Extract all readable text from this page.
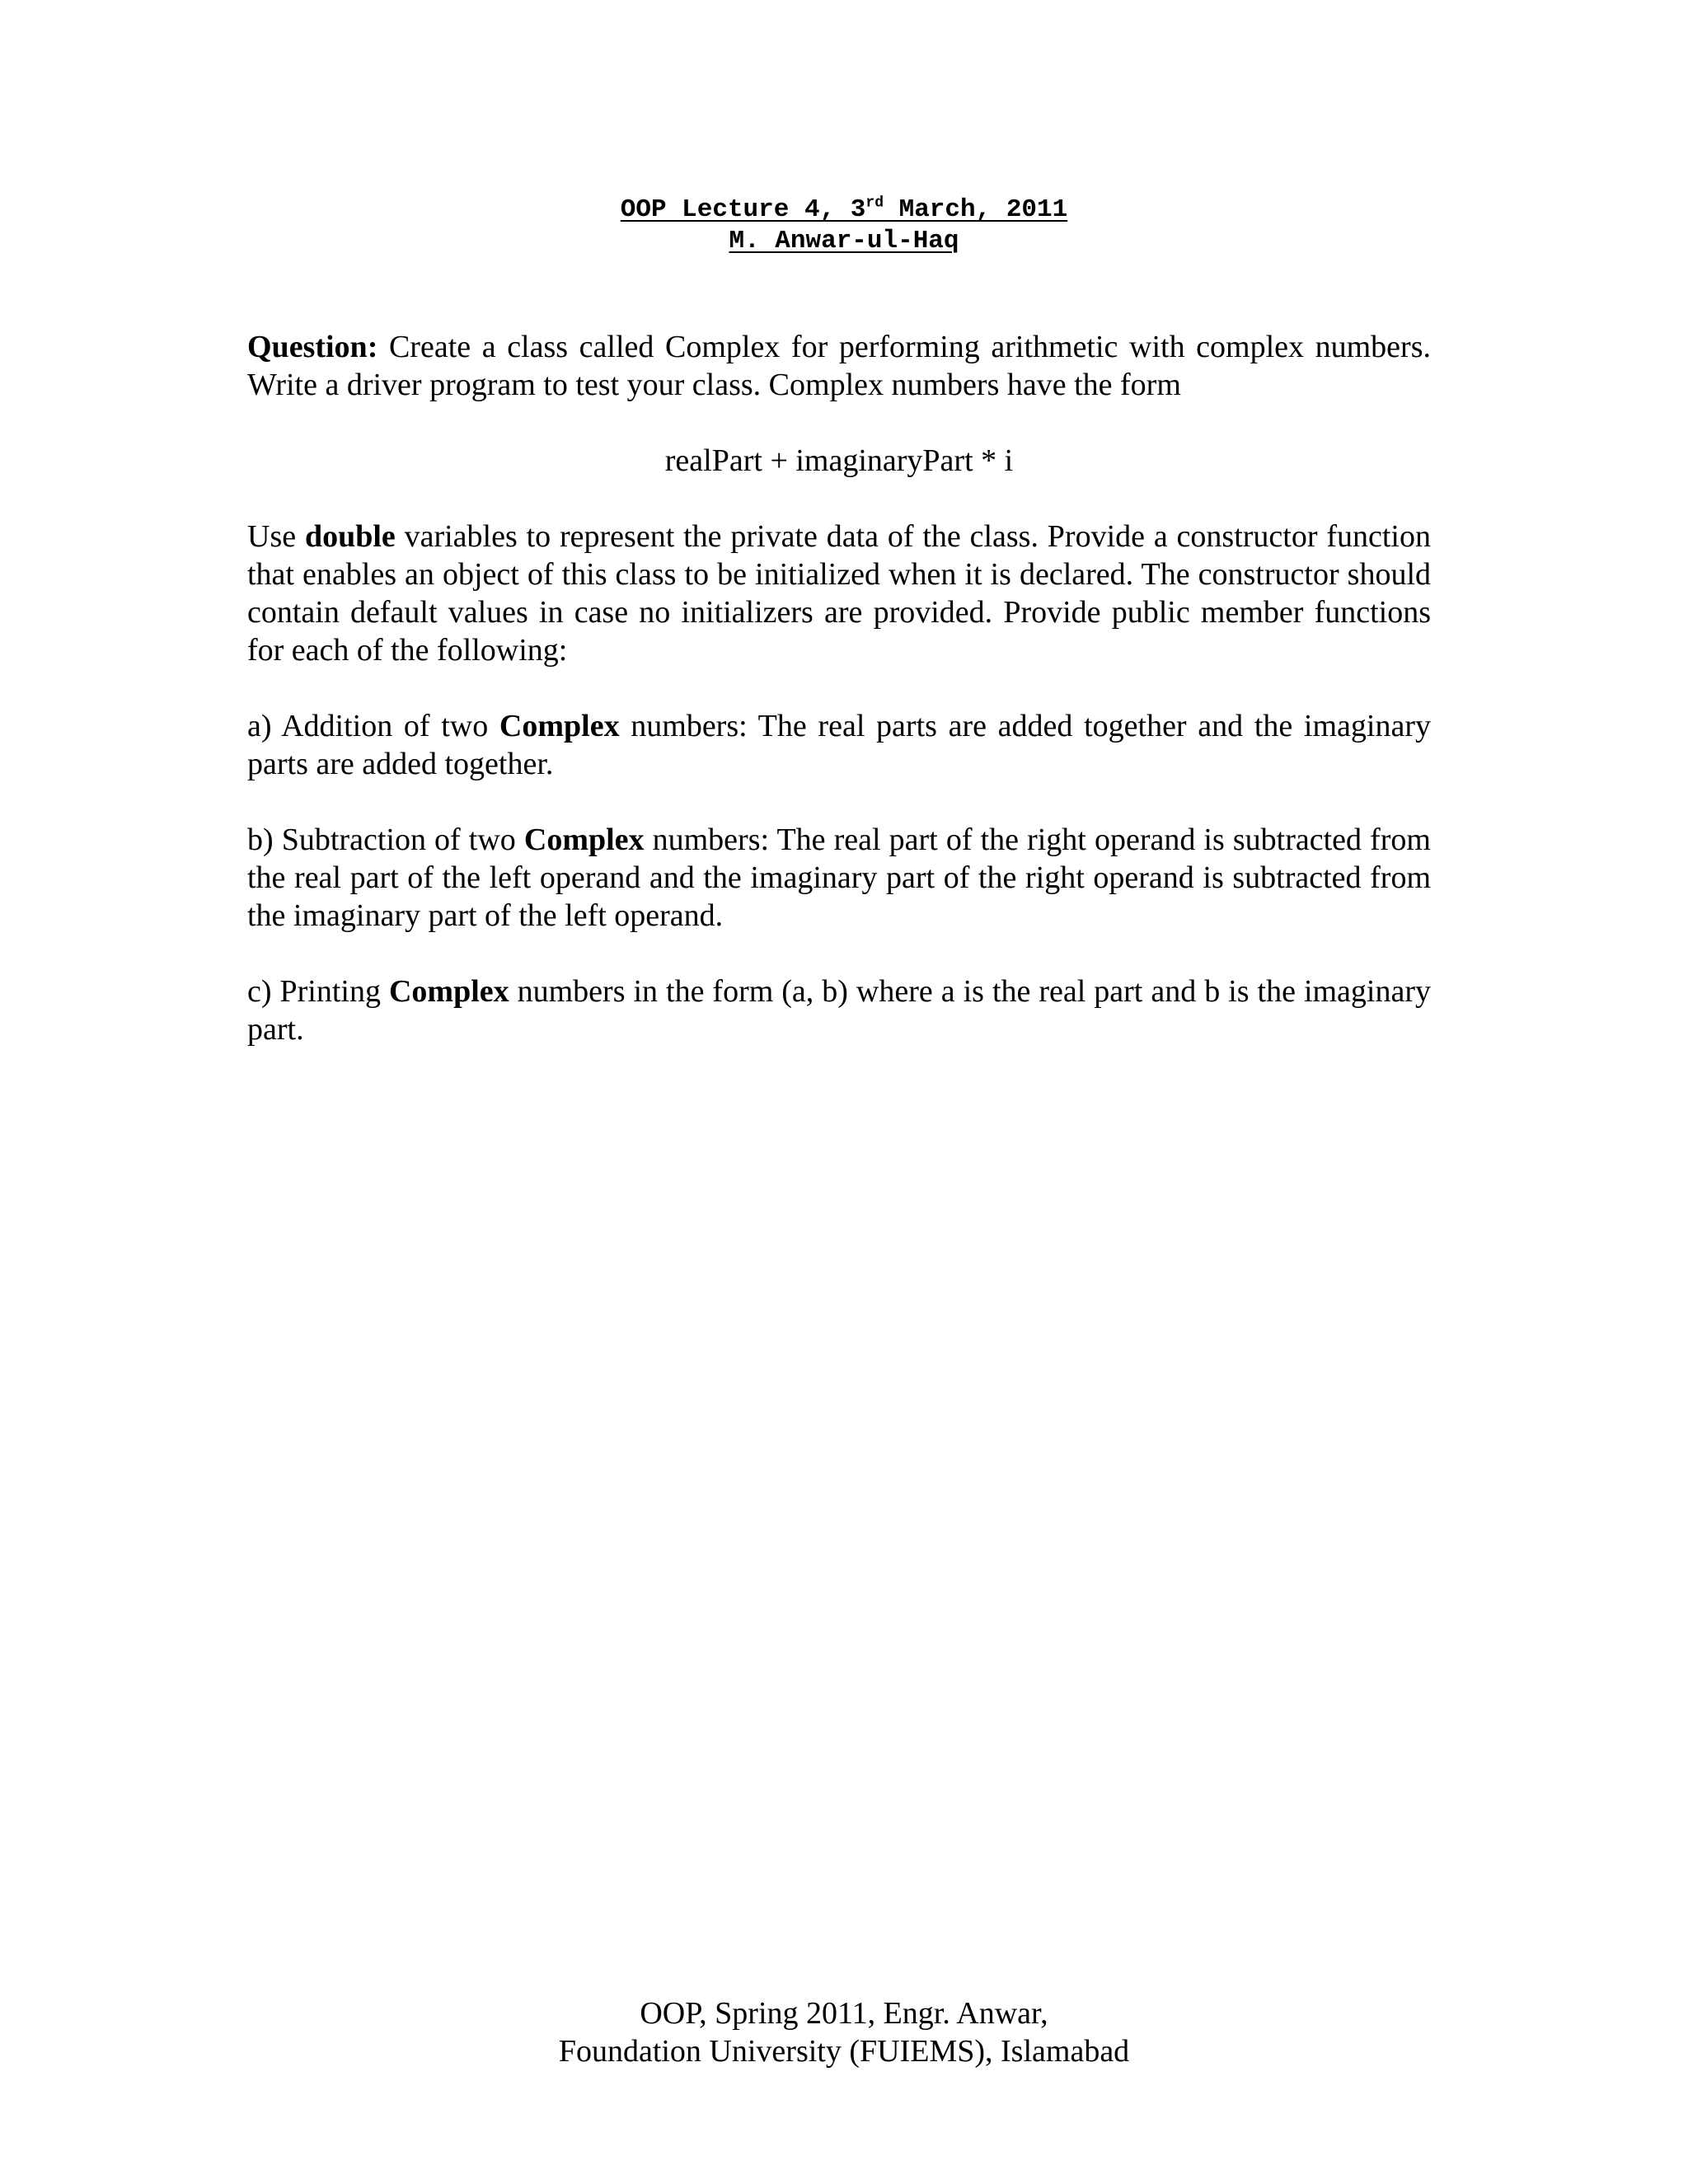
OOP Lecture 4, 3rd March, 2011
M. Anwar-ul-Haq

Question: Create a class called Complex for performing arithmetic with complex numbers. Write a driver program to test your class. Complex numbers have the form

realPart + imaginaryPart * i

Use double variables to represent the private data of the class. Provide a constructor function that enables an object of this class to be initialized when it is declared. The constructor should contain default values in case no initializers are provided. Provide public member functions for each of the following:

a) Addition of two Complex numbers: The real parts are added together and the imaginary parts are added together.

b) Subtraction of two Complex numbers: The real part of the right operand is subtracted from the real part of the left operand and the imaginary part of the right operand is subtracted from the imaginary part of the left operand.

c) Printing Complex numbers in the form (a, b) where a is the real part and b is the imaginary part.

OOP, Spring 2011, Engr. Anwar,
Foundation University (FUIEMS), Islamabad
